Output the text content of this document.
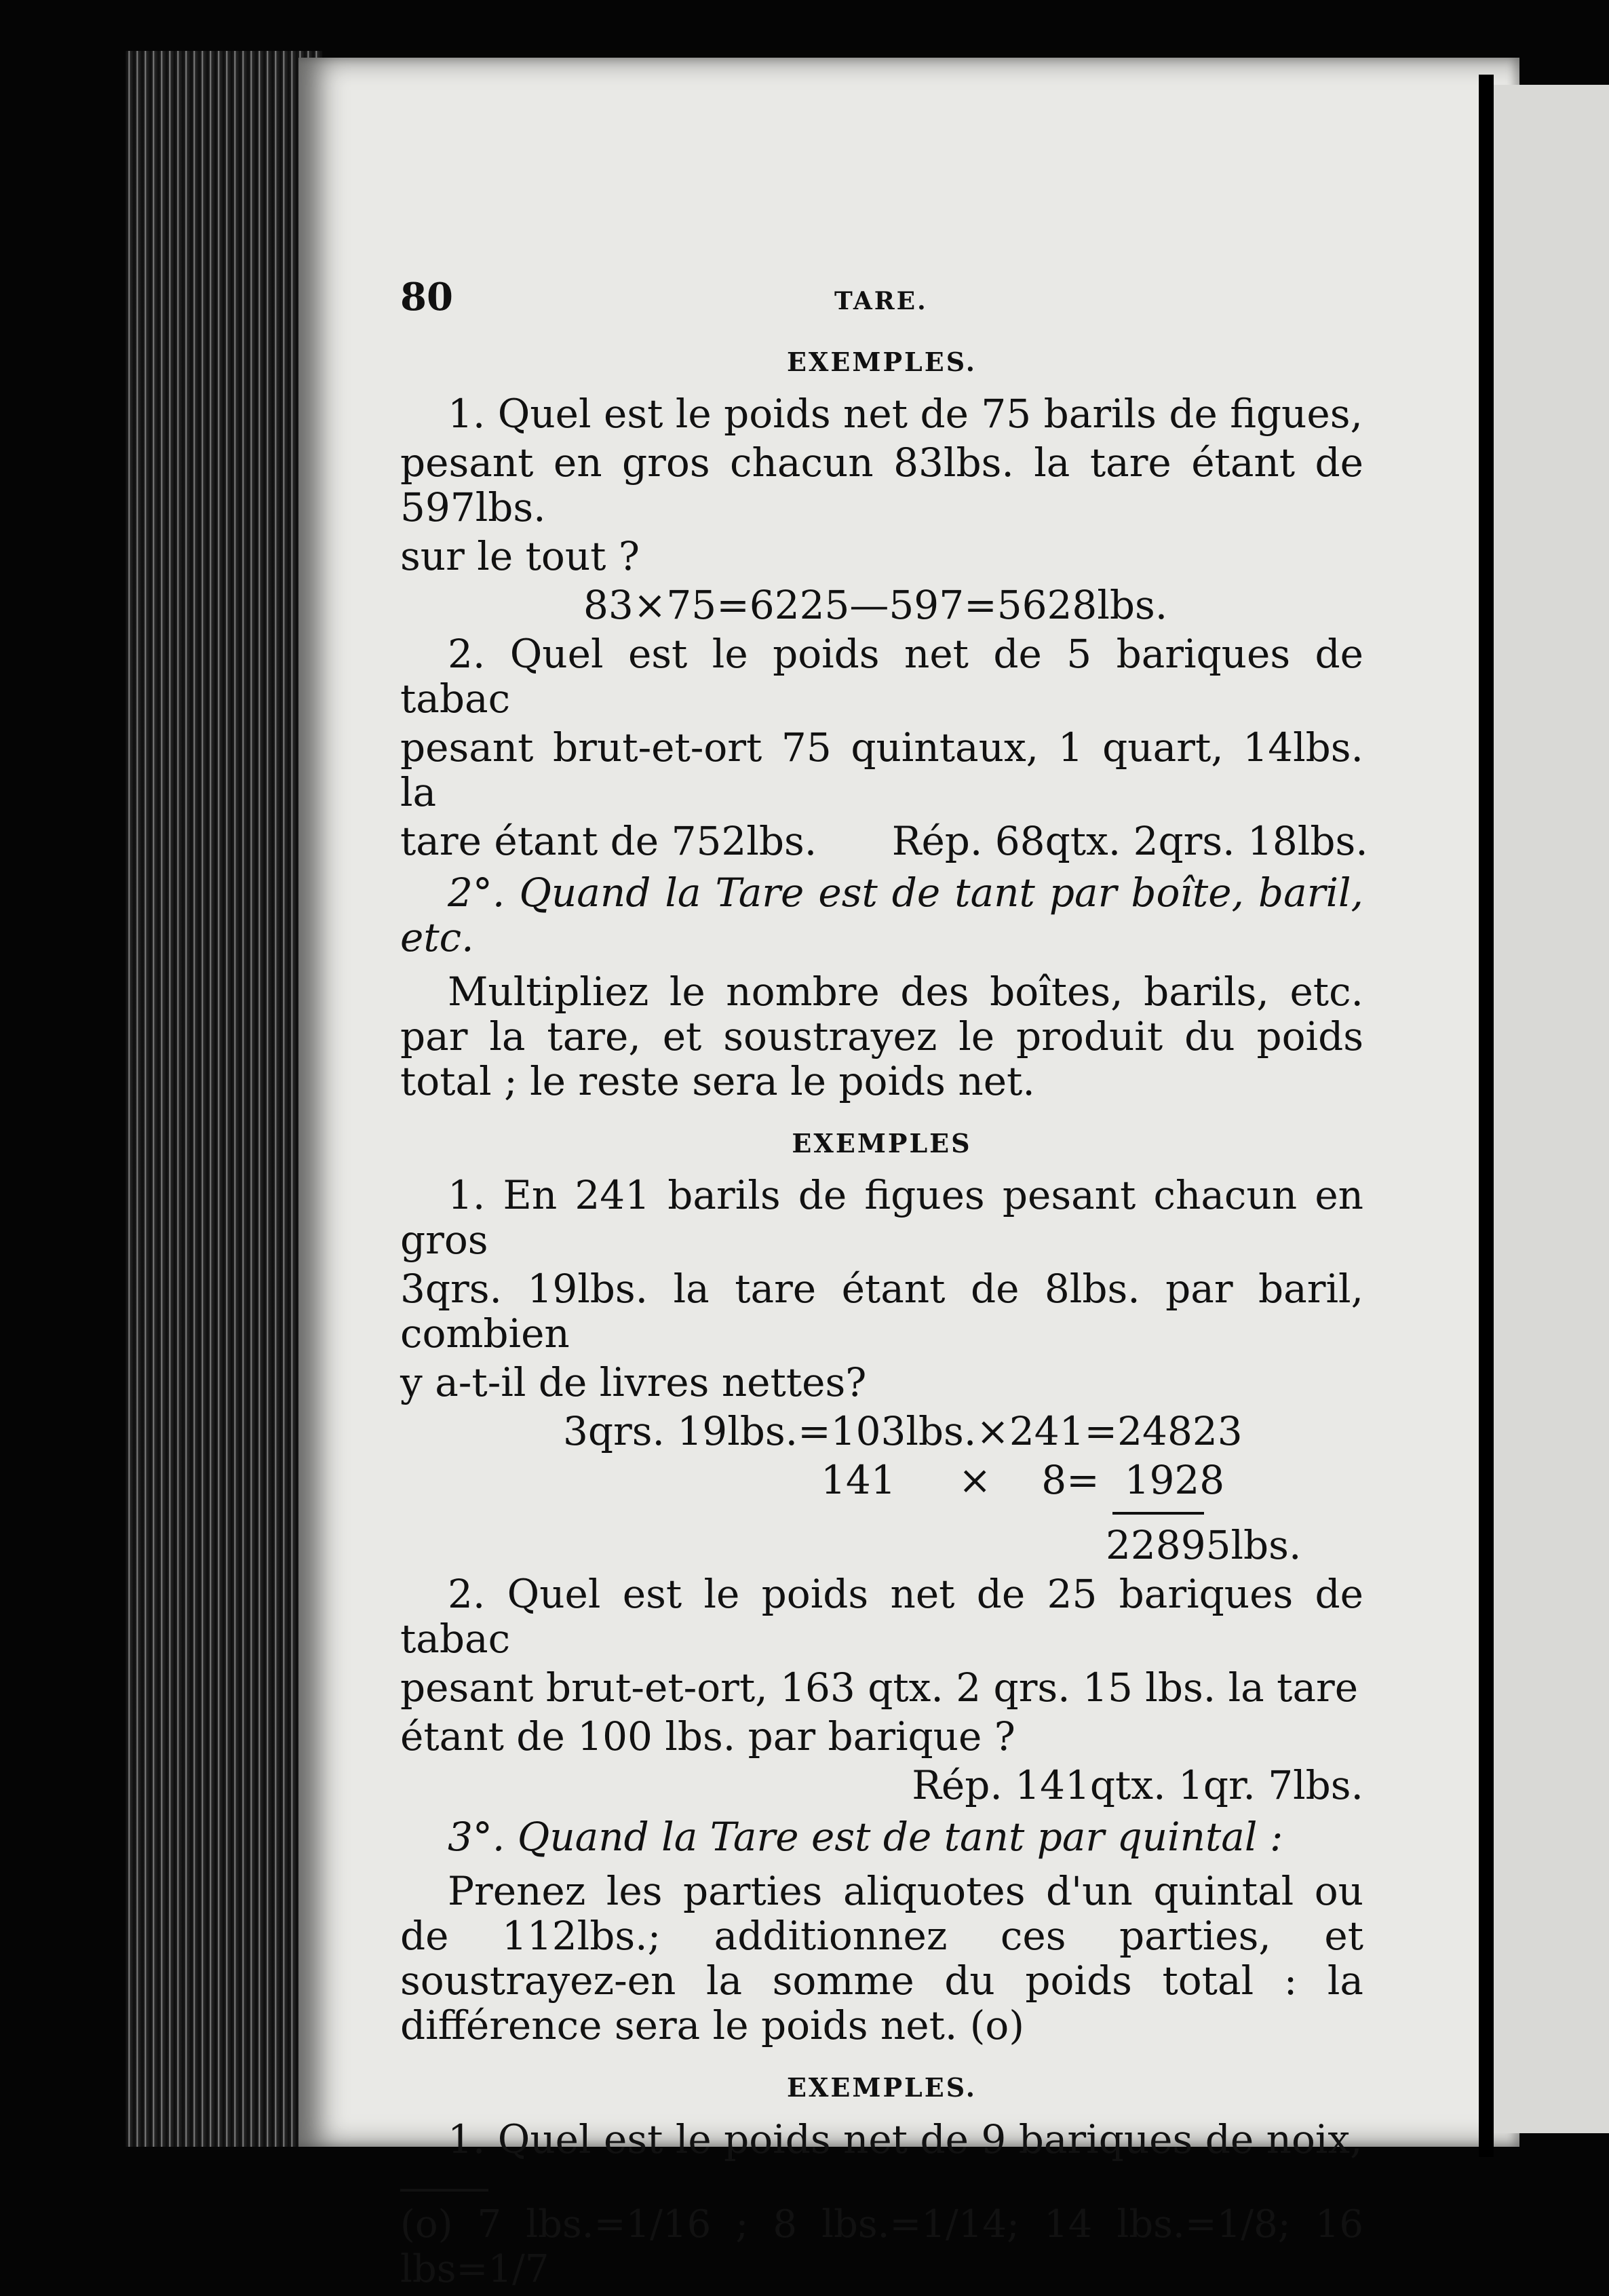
80	TARE.
EXEMPLES.

1. Quel est le poids net de 75 barils de figues,

pesant en gros chacun 83lbs. la tare étant de 597lbs.

sur le tout ?

83×75=6225—597=5628lbs.

2. Quel est le poids net de 5 bariques de tabac

pesant brut-et-ort 75 quintaux, 1 quart, 14lbs. la

tare étant de 752lbs.      Rép. 68qtx. 2qrs. 18lbs.

2°. Quand la Tare est de tant par boîte, baril, etc.

Multipliez le nombre des boîtes, barils, etc. par la tare, et soustrayez le produit du poids total ; le reste sera le poids net.

EXEMPLES

1. En 241 barils de figues pesant chacun en gros

3qrs. 19lbs. la tare étant de 8lbs. par baril, combien

y a-t-il de livres nettes?

3qrs. 19lbs.=103lbs.×241=24823

141     ×    8=  1928

22895lbs.

2. Quel est le poids net de 25 bariques de tabac

pesant brut-et-ort, 163 qtx. 2 qrs. 15 lbs. la tare

étant de 100 lbs. par barique ?

Rép. 141qtx. 1qr. 7lbs.

3°. Quand la Tare est de tant par quintal :

Prenez les parties aliquotes d'un quintal ou de 112lbs.; additionnez ces parties, et soustrayez-en la somme du poids total : la différence sera le poids net. (o)

EXEMPLES.

1. Quel est le poids net de 9 bariques de noix,

(o) 7 lbs.=1/16 ; 8 lbs.=1/14; 14 lbs.=1/8; 16 lbs=1/7
